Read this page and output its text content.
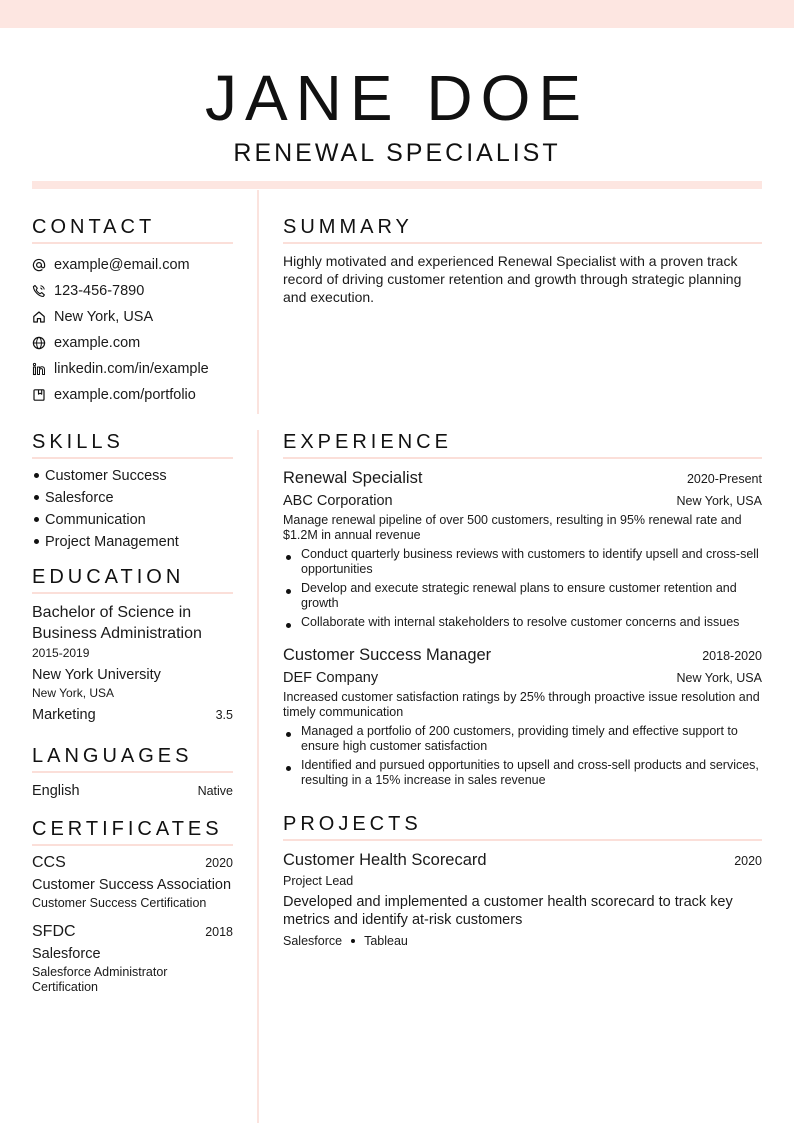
JANE DOE
RENEWAL SPECIALIST
CONTACT
example@email.com
123-456-7890
New York, USA
example.com
linkedin.com/in/example
example.com/portfolio
SUMMARY

Highly motivated and experienced Renewal Specialist with a proven track record of driving customer retention and growth through strategic planning and execution.

SKILLS
Customer Success
Salesforce
Communication
Project Management
EDUCATION
Bachelor of Science in Business Administration
2015-2019
New York University
New York, USA
Marketing	3.5
LANGUAGES
English	Native
CERTIFICATES
CCS	2020
Customer Success Association
Customer Success Certification
SFDC	2018
Salesforce
Salesforce Administrator Certification
EXPERIENCE
Renewal Specialist	2020-Present
ABC Corporation	New York, USA
Manage renewal pipeline of over 500 customers, resulting in 95% renewal rate and $1.2M in annual revenue
Conduct quarterly business reviews with customers to identify upsell and cross-sell opportunities
Develop and execute strategic renewal plans to ensure customer retention and growth
Collaborate with internal stakeholders to resolve customer concerns and issues
Customer Success Manager	2018-2020
DEF Company	New York, USA
Increased customer satisfaction ratings by 25% through proactive issue resolution and timely communication
Managed a portfolio of 200 customers, providing timely and effective support to ensure high customer satisfaction
Identified and pursued opportunities to upsell and cross-sell products and services, resulting in a 15% increase in sales revenue
PROJECTS
Customer Health Scorecard	2020
Project Lead
Developed and implemented a customer health scorecard to track key metrics and identify at-risk customers
Salesforce Tableau
